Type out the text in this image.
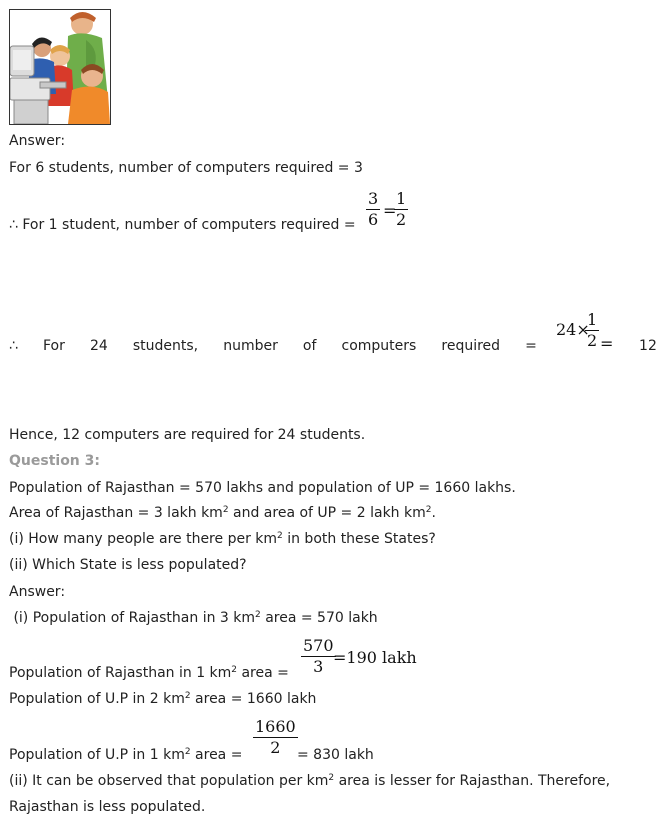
Answer:
For 6 students, number of computers required = 3
∴ For 1 student, number of computers required = $\frac{3}{6}$ =
$\frac{1}{2}$
∴ For 24 students, number of computers required =	12
24×
$\frac{1}{2}$ =
Hence, 12 computers are required for 24 students.
Question 3:
Population of Rajasthan = 570 lakhs and population of UP = 1660 lakhs.
Area of Rajasthan = 3 lakh $km^2$ and area of UP = 2 lakh $km^2$.
(i) How many people are there per $km^2$ in both these States?
(ii) Which State is less populated?
Answer:
(i) Population of Rajasthan in 3 $km^2$ area = 570 lakh
Population of Rajasthan in 1 $km^2$ area = $\frac{570}{3}$
=190 lakh
Population of U.P in 2 $km^2$ area = 1660 lakh
Population of U.P in 1 $km^2$ area = $\frac{1660}{2} = 830$ lakh
(ii) It can be observed that population per $km^2$ area is lesser for Rajasthan. Therefore,
Rajasthan is less populated.
